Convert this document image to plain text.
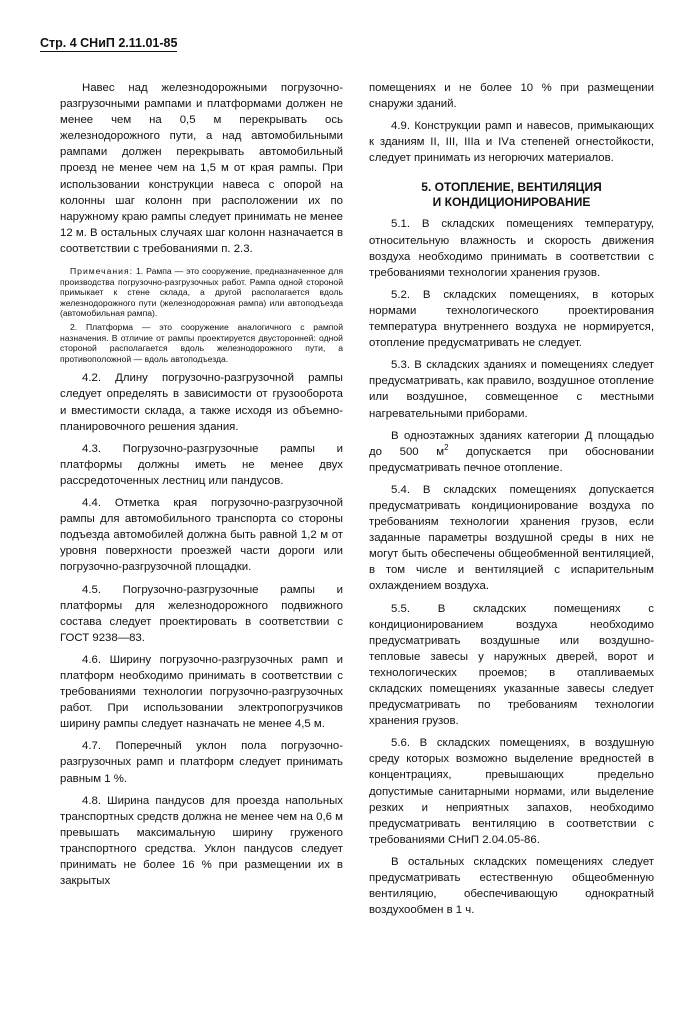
Стр. 4 СНиП 2.11.01-85

Навес над железнодорожными погрузочно-разгрузочными рампами и платформами должен не менее чем на 0,5 м перекрывать ось железнодорожного пути, а над автомобильными рампами должен перекрывать автомобильный проезд не менее чем на 1,5 м от края рампы. При использовании конструкции навеса с опорой на колонны шаг колонн при расположении их по наружному краю рампы следует принимать не менее 12 м. В остальных случаях шаг колонн назначается в соответствии с требованиями п. 2.3.

Примечания: 1. Рампа — это сооружение, предназначенное для производства погрузочно-разгрузочных работ. Рампа одной стороной примыкает к стене склада, а другой располагается вдоль железнодорожного пути (железнодорожная рампа) или автоподъезда (автомобильная рампа).

2. Платформа — это сооружение аналогичного с рампой назначения. В отличие от рампы проектируется двусторонней: одной стороной располагается вдоль железнодорожного пути, а противоположной — вдоль автоподъезда.

4.2. Длину погрузочно-разгрузочной рампы следует определять в зависимости от грузооборота и вместимости склада, а также исходя из объемно-планировочного решения здания.

4.3. Погрузочно-разгрузочные рампы и платформы должны иметь не менее двух рассредоточенных лестниц или пандусов.

4.4. Отметка края погрузочно-разгрузочной рампы для автомобильного транспорта со стороны подъезда автомобилей должна быть равной 1,2 м от уровня поверхности проезжей части дороги или погрузочно-разгрузочной площадки.

4.5. Погрузочно-разгрузочные рампы и платформы для железнодорожного подвижного состава следует проектировать в соответствии с ГОСТ 9238—83.

4.6. Ширину погрузочно-разгрузочных рамп и платформ необходимо принимать в соответствии с требованиями технологии погрузочно-разгрузочных работ. При использовании электропогрузчиков ширину рампы следует назначать не менее 4,5 м.

4.7. Поперечный уклон пола погрузочно-разгрузочных рамп и платформ следует принимать равным 1 %.

4.8. Ширина пандусов для проезда напольных транспортных средств должна не менее чем на 0,6 м превышать максимальную ширину груженого транспортного средства. Уклон пандусов следует принимать не более 16 % при размещении их в закрытых

помещениях и не более 10 % при размещении снаружи зданий.

4.9. Конструкции рамп и навесов, примыкающих к зданиям II, III, IIIа и IVа степеней огнестойкости, следует принимать из негорючих материалов.

5. ОТОПЛЕНИЕ, ВЕНТИЛЯЦИЯ
И КОНДИЦИОНИРОВАНИЕ

5.1. В складских помещениях температуру, относительную влажность и скорость движения воздуха необходимо принимать в соответствии с требованиями технологии хранения грузов.

5.2. В складских помещениях, в которых нормами технологического проектирования температура внутреннего воздуха не нормируется, отопление предусматривать не следует.

5.3. В складских зданиях и помещениях следует предусматривать, как правило, воздушное отопление или воздушное, совмещенное с местными нагревательными приборами.

В одноэтажных зданиях категории Д площадью до 500 $м^2$ допускается при обосновании предусматривать печное отопление.

5.4. В складских помещениях допускается предусматривать кондиционирование воздуха по требованиям технологии хранения грузов, если заданные параметры воздушной среды в них не могут быть обеспечены общеобменной вентиляцией, в том числе и вентиляцией с испарительным охлаждением воздуха.

5.5. В складских помещениях с кондиционированием воздуха необходимо предусматривать воздушные или воздушно-тепловые завесы у наружных дверей, ворот и технологических проемов; в отапливаемых складских помещениях указанные завесы следует предусматривать по требованиям технологии хранения грузов.

5.6. В складских помещениях, в воздушную среду которых возможно выделение вредностей в концентрациях, превышающих предельно допустимые санитарными нормами, или выделение резких и неприятных запахов, необходимо предусматривать вентиляцию в соответствии с требованиями СНиП 2.04.05-86.

В остальных складских помещениях следует предусматривать естественную общеобменную вентиляцию, обеспечивающую однократный воздухообмен в 1 ч.
